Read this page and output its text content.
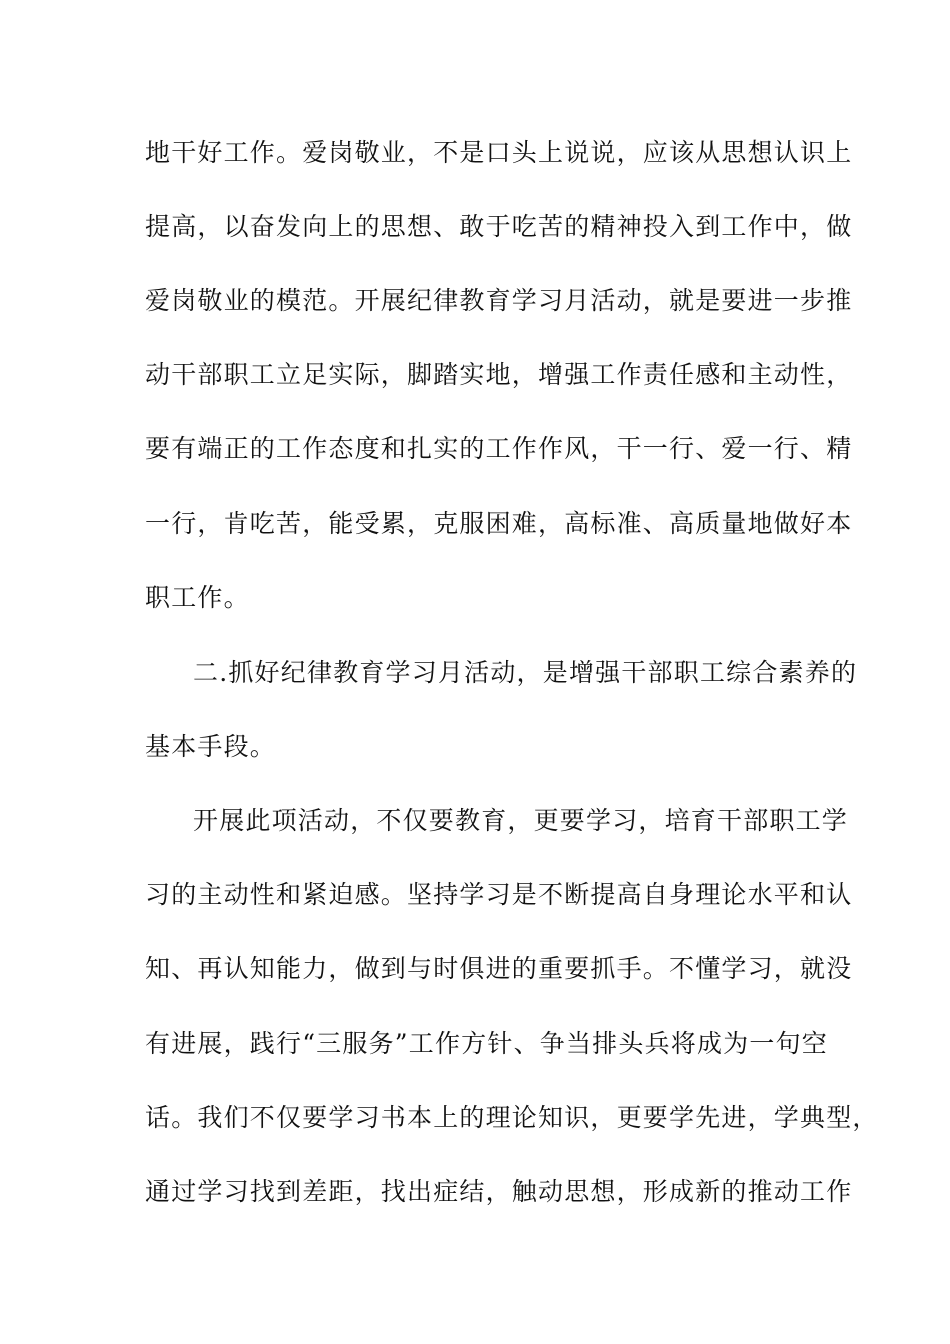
地干好工作。爱岗敬业，不是口头上说说，应该从思想认识上
提高，以奋发向上的思想、敢于吃苦的精神投入到工作中，做
爱岗敬业的模范。开展纪律教育学习月活动，就是要进一步推
动干部职工立足实际，脚踏实地，增强工作责任感和主动性，
要有端正的工作态度和扎实的工作作风，干一行、爱一行、精
一行，肯吃苦，能受累，克服困难，高标准、高质量地做好本
职工作。
二.抓好纪律教育学习月活动，是增强干部职工综合素养的
基本手段。
开展此项活动，不仅要教育，更要学习，培育干部职工学
习的主动性和紧迫感。坚持学习是不断提高自身理论水平和认
知、再认知能力，做到与时俱进的重要抓手。不懂学习，就没
有进展，践行“三服务”工作方针、争当排头兵将成为一句空
话。我们不仅要学习书本上的理论知识，更要学先进，学典型，
通过学习找到差距，找出症结，触动思想，形成新的推动工作
